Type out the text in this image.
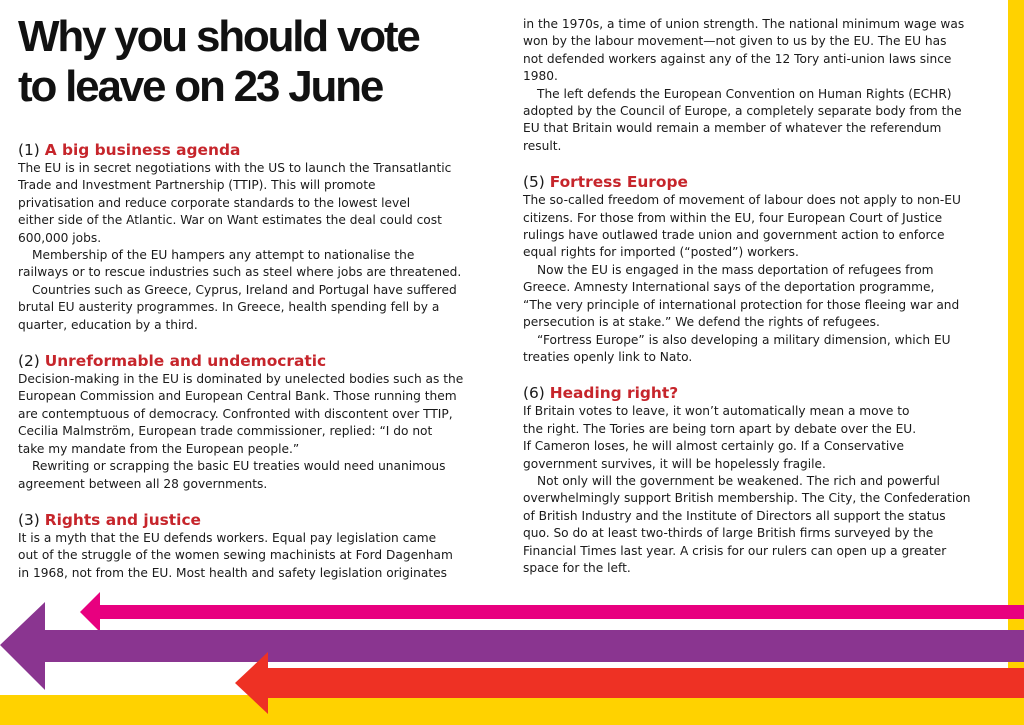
Why you should vote
to leave on 23 June
(1) A big business agenda

The EU is in secret negotiations with the US to launch the Transatlantic
Trade and Investment Partnership (TTIP). This will promote
privatisation and reduce corporate standards to the lowest level
either side of the Atlantic. War on Want estimates the deal could cost
600,000 jobs.

Membership of the EU hampers any attempt to nationalise the
railways or to rescue industries such as steel where jobs are threatened.

Countries such as Greece, Cyprus, Ireland and Portugal have suffered
brutal EU austerity programmes. In Greece, health spending fell by a
quarter, education by a third.

(2) Unreformable and undemocratic

Decision-making in the EU is dominated by unelected bodies such as the
European Commission and European Central Bank. Those running them
are contemptuous of democracy. Confronted with discontent over TTIP,
Cecilia Malmström, European trade commissioner, replied: “I do not
take my mandate from the European people.”

Rewriting or scrapping the basic EU treaties would need unanimous
agreement between all 28 governments.

(3) Rights and justice

It is a myth that the EU defends workers. Equal pay legislation came
out of the struggle of the women sewing machinists at Ford Dagenham
in 1968, not from the EU. Most health and safety legislation originates

in the 1970s, a time of union strength. The national minimum wage was
won by the labour movement—not given to us by the EU. The EU has
not defended workers against any of the 12 Tory anti-union laws since
1980.

The left defends the European Convention on Human Rights (ECHR)
adopted by the Council of Europe, a completely separate body from the
EU that Britain would remain a member of whatever the referendum
result.

(5) Fortress Europe

The so-called freedom of movement of labour does not apply to non-EU
citizens. For those from within the EU, four European Court of Justice
rulings have outlawed trade union and government action to enforce
equal rights for imported (“posted”) workers.

Now the EU is engaged in the mass deportation of refugees from
Greece. Amnesty International says of the deportation programme,
“The very principle of international protection for those fleeing war and
persecution is at stake.” We defend the rights of refugees.

“Fortress Europe” is also developing a military dimension, which EU
treaties openly link to Nato.

(6) Heading right?

If Britain votes to leave, it won’t automatically mean a move to
the right. The Tories are being torn apart by debate over the EU.
If Cameron loses, he will almost certainly go. If a Conservative
government survives, it will be hopelessly fragile.

Not only will the government be weakened. The rich and powerful
overwhelmingly support British membership. The City, the Confederation
of British Industry and the Institute of Directors all support the status
quo. So do at least two-thirds of large British firms surveyed by the
Financial Times last year. A crisis for our rulers can open up a greater
space for the left.
